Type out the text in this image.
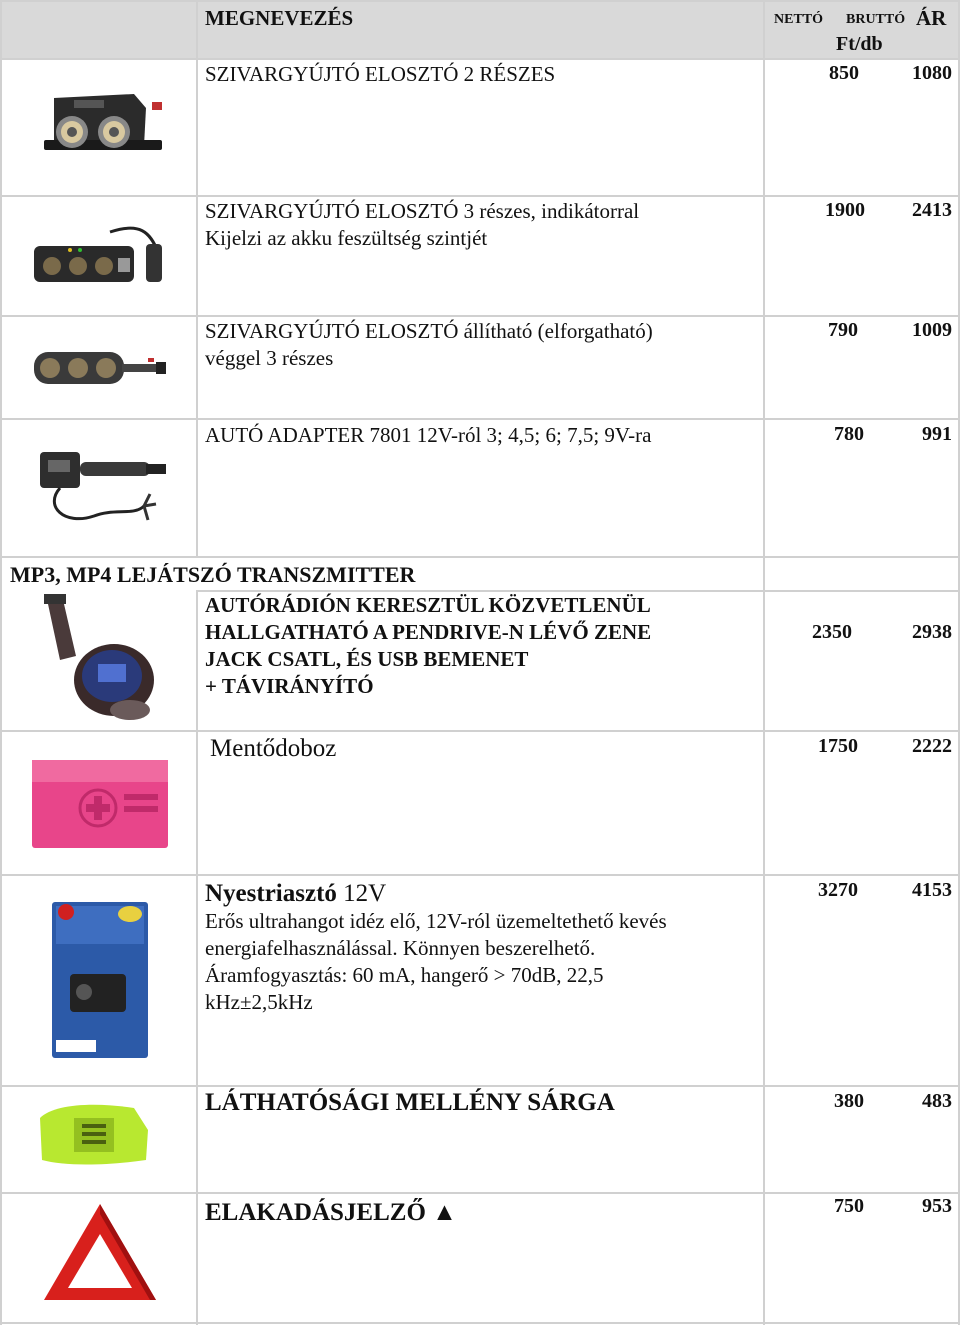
MEGNEVEZÉS	NETTÓ BRUTTÓ ÁR
Ft/db
SZIVARGYÚJTÓ ELOSZTÓ 2 RÉSZES	850	1080
SZIVARGYÚJTÓ ELOSZTÓ 3 részes, indikátorral
Kijelzi az akku feszültség szintjét
1900	2413
SZIVARGYÚJTÓ ELOSZTÓ állítható (elforgatható)
véggel 3 részes
790	1009
AUTÓ ADAPTER 7801 12V-ról 3; 4,5; 6; 7,5; 9V-ra	780	991
MP3, MP4 LEJÁTSZÓ TRANSZMITTER
AUTÓRÁDIÓN KERESZTÜL KÖZVETLENÜL
HALLGATHATÓ A PENDRIVE-N LÉVŐ ZENE
JACK CSATL, ÉS USB BEMENET
+ TÁVIRÁNYÍTÓ
2350	2938
Mentődoboz	1750	2222
Nyestriasztó 12V
Erős ultrahangot idéz elő, 12V-ról üzemeltethető kevés
energiafelhasználással. Könnyen beszerelhető.
Áramfogyasztás: 60 mA, hangerő > 70dB, 22,5
kHz±2,5kHz
3270	4153
LÁTHATÓSÁGI MELLÉNY SÁRGA	380	483
ELAKADÁSJELZŐ ▲	750	953
